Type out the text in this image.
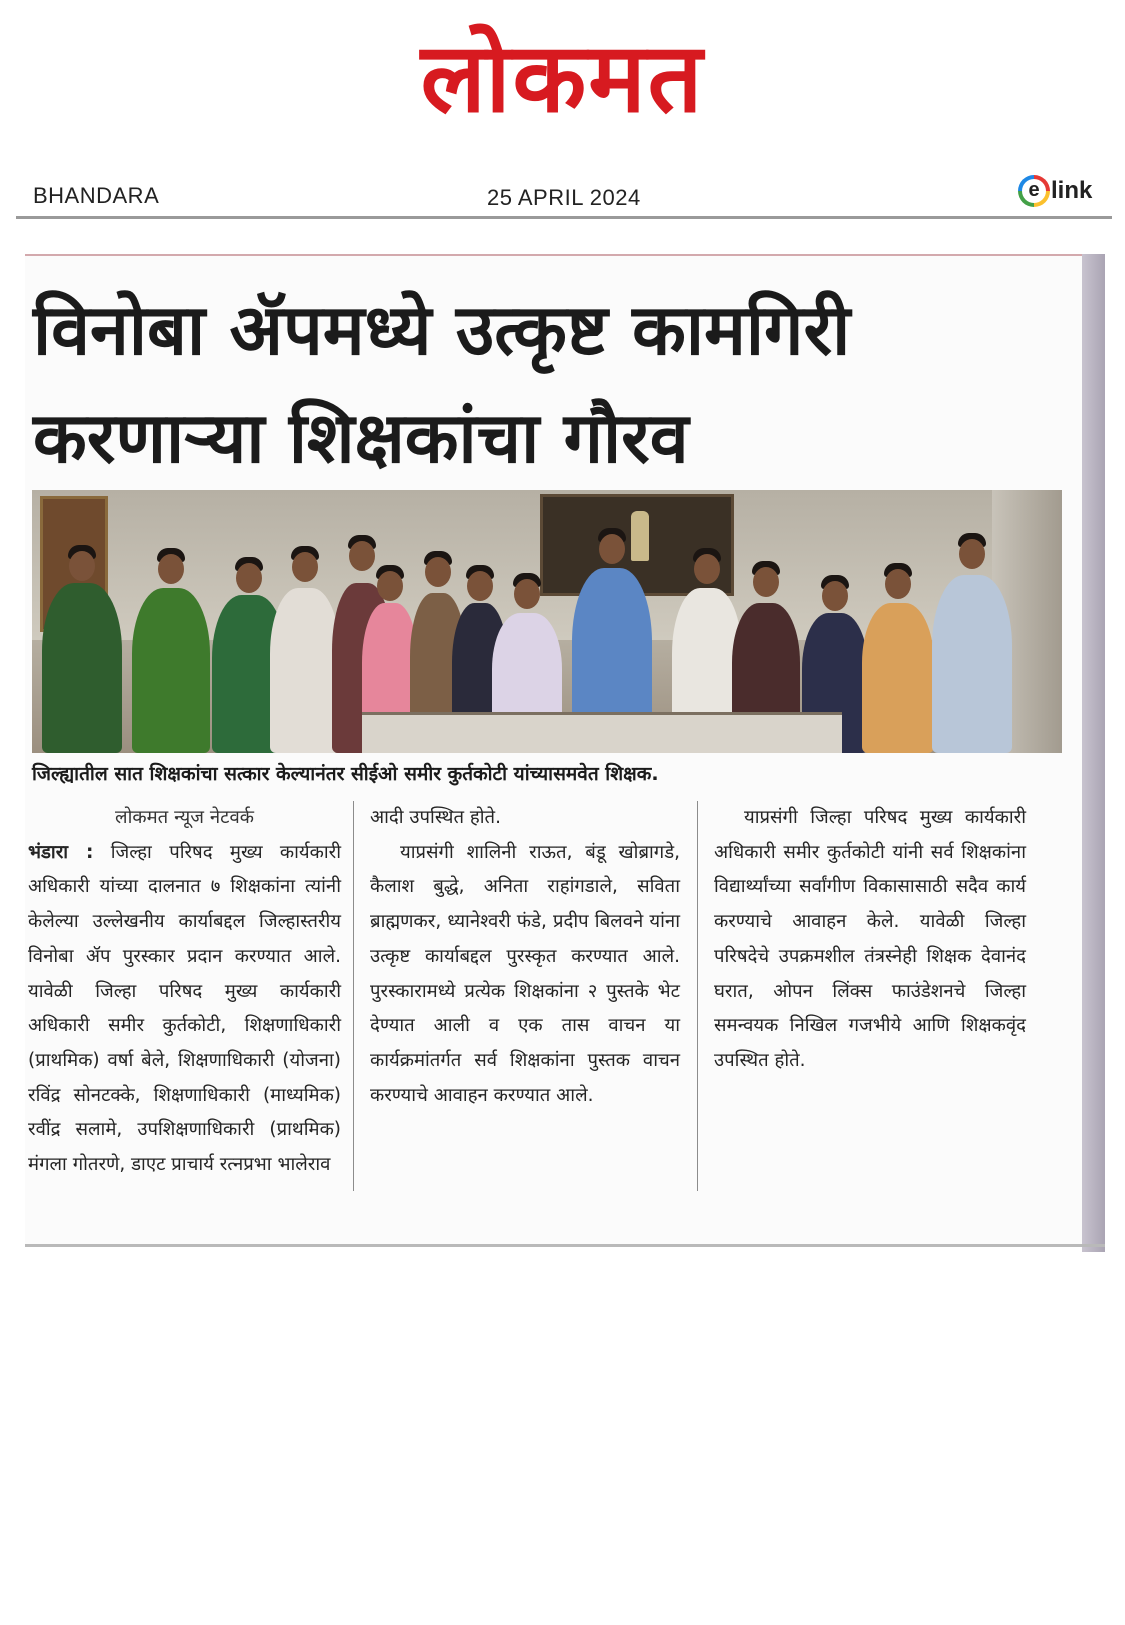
लोकमत
BHANDARA	25 APRIL 2024	e link
विनोबा ॲपमध्ये उत्कृष्ट कामगिरी करणाऱ्या शिक्षकांचा गौरव

जिल्ह्यातील सात शिक्षकांचा सत्कार केल्यानंतर सीईओ समीर कुर्तकोटी यांच्यासमवेत शिक्षक.

लोकमत न्यूज नेटवर्क

भंडारा : जिल्हा परिषद मुख्य कार्यकारी अधिकारी यांच्या दालनात ७ शिक्षकांना त्यांनी केलेल्या उल्लेखनीय कार्याबद्दल जिल्हास्तरीय विनोबा ॲप पुरस्कार प्रदान करण्यात आले. यावेळी जिल्हा परिषद मुख्य कार्यकारी अधिकारी समीर कुर्तकोटी, शिक्षणाधिकारी (प्राथमिक) वर्षा बेले, शिक्षणाधिकारी (योजना) रविंद्र सोनटक्के, शिक्षणाधिकारी (माध्यमिक) रवींद्र सलामे, उपशिक्षणाधिकारी (प्राथमिक) मंगला गोतरणे, डाएट प्राचार्य रत्नप्रभा भालेराव

आदी उपस्थित होते.

याप्रसंगी शालिनी राऊत, बंडू खोब्रागडे, कैलाश बुद्धे, अनिता राहांगडाले, सविता ब्राह्मणकर, ध्यानेश्वरी फंडे, प्रदीप बिलवने यांना उत्कृष्ट कार्याबद्दल पुरस्कृत करण्यात आले. पुरस्कारामध्ये प्रत्येक शिक्षकांना २ पुस्तके भेट देण्यात आली व एक तास वाचन या कार्यक्रमांतर्गत सर्व शिक्षकांना पुस्तक वाचन करण्याचे आवाहन करण्यात आले.

याप्रसंगी जिल्हा परिषद मुख्य कार्यकारी अधिकारी समीर कुर्तकोटी यांनी सर्व शिक्षकांना विद्यार्थ्यांच्या सर्वांगीण विकासासाठी सदैव कार्य करण्याचे आवाहन केले. यावेळी जिल्हा परिषदेचे उपक्रमशील तंत्रस्नेही शिक्षक देवानंद घरात, ओपन लिंक्स फाउंडेशनचे जिल्हा समन्वयक निखिल गजभीये आणि शिक्षकवृंद उपस्थित होते.
